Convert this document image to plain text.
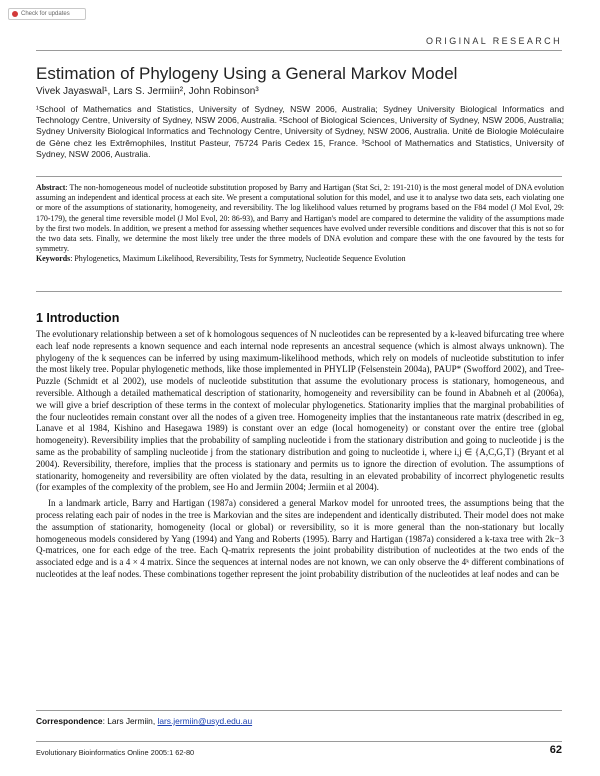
Check for updates
ORIGINAL RESEARCH
Estimation of Phylogeny Using a General Markov Model
Vivek Jayaswal¹, Lars S. Jermiin², John Robinson³
¹School of Mathematics and Statistics, University of Sydney, NSW 2006, Australia; Sydney University Biological Informatics and Technology Centre, University of Sydney, NSW 2006, Australia. ²School of Biological Sciences, University of Sydney, NSW 2006, Australia; Sydney University Biological Informatics and Technology Centre, University of Sydney, NSW 2006, Australia. Unité de Biologie Moléculaire de Gène chez les Extrêmophiles, Institut Pasteur, 75724 Paris Cedex 15, France. ³School of Mathematics and Statistics, University of Sydney, NSW 2006, Australia.

Abstract: The non-homogeneous model of nucleotide substitution proposed by Barry and Hartigan (Stat Sci, 2: 191-210) is the most general model of DNA evolution assuming an independent and identical process at each site. We present a computational solution for this model, and use it to analyse two data sets, each violating one or more of the assumptions of stationarity, homogeneity, and reversibility. The log likelihood values returned by programs based on the F84 model (J Mol Evol, 29: 170-179), the general time reversible model (J Mol Evol, 20: 86-93), and Barry and Hartigan's model are compared to determine the validity of the assumptions made by the first two models. In addition, we present a method for assessing whether sequences have evolved under reversible conditions and discover that this is not so for the two data sets. Finally, we determine the most likely tree under the three models of DNA evolution and compare these with the one favoured by the tests for symmetry.

Keywords: Phylogenetics, Maximum Likelihood, Reversibility, Tests for Symmetry, Nucleotide Sequence Evolution

1 Introduction

The evolutionary relationship between a set of k homologous sequences of N nucleotides can be represented by a k-leaved bifurcating tree where each leaf node represents a known sequence and each internal node represents an ancestral sequence (which is almost always unknown). The phylogeny of the k sequences can be inferred by using maximum-likelihood methods, which rely on models of nucleotide substitution to infer the most likely tree. Popular phylogenetic methods, like those implemented in PHYLIP (Felsenstein 2004a), PAUP* (Swofford 2002), and Tree-Puzzle (Schmidt et al 2002), use models of nucleotide substitution that assume the evolutionary process is stationary, homogeneous, and reversible. Although a detailed mathematical description of stationarity, homogeneity and reversibility can be found in Ababneh et al (2006a), we will give a brief description of these terms in the context of molecular phylogenetics. Stationarity implies that the marginal probabilities of the four nucleotides remain constant over all the nodes of a given tree. Homogeneity implies that the instantaneous rate matrix (described in eg, Lanave et al 1984, Kishino and Hasegawa 1989) is constant over an edge (local homogeneity) or constant over the entire tree (global homogeneity). Reversibility implies that the probability of sampling nucleotide i from the stationary distribution and going to nucleotide j is the same as the probability of sampling nucleotide j from the stationary distribution and going to nucleotide i, where i,j ∈ {A,C,G,T} (Bryant et al 2004). Reversibility, therefore, implies that the process is stationary and permits us to ignore the direction of evolution. The assumptions of stationarity, homogeneity and reversibility are often violated by the data, resulting in an elevated probability of incorrect phylogenetic results (for examples of the complexity of the problem, see Ho and Jermiin 2004; Jermiin et al 2004).

In a landmark article, Barry and Hartigan (1987a) considered a general Markov model for unrooted trees, the assumptions being that the process relating each pair of nodes in the tree is Markovian and the sites are independent and identically distributed. Their model does not make the assumption of stationarity, homogeneity (local or global) or reversibility, so it is more general than the non-stationary but locally homogeneous models considered by Yang (1994) and Yang and Roberts (1995). Barry and Hartigan (1987a) considered a k-taxa tree with 2k−3 Q-matrices, one for each edge of the tree. Each Q-matrix represents the joint probability distribution of nucleotides at the two ends of the associated edge and is a 4 × 4 matrix. Since the sequences at internal nodes are not known, we can only observe the 4ᵏ different combinations of nucleotides at the leaf nodes. These combinations together represent the joint probability distribution of the nucleotides at leaf nodes and can be

Correspondence: Lars Jermiin, lars.jermiin@usyd.edu.au
Evolutionary Bioinformatics Online 2005:1 62-80	62
